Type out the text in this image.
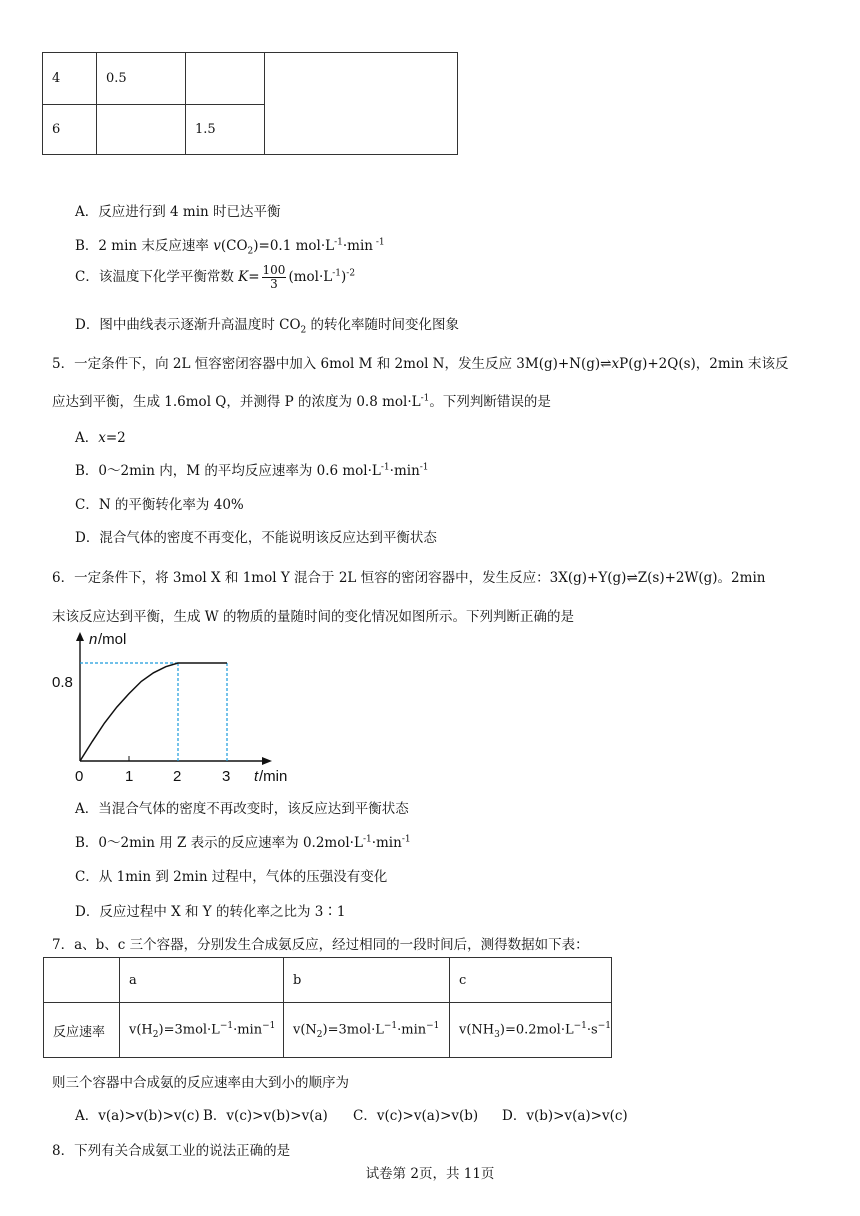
4	0.5		
6		1.5	
A．反应进行到 4 min 时已达平衡
B．2 min 末反应速率 $v(CO_2)=0.1$ $mol\cdot L^{-1}\cdot\min$ $^{-1}$
C．该温度下化学平衡常数 $K= \frac{100}{3} (mol\cdot L^{-1})^{-2}$
D．图中曲线表示逐渐升高温度时 $CO_2$ 的转化率随时间变化图象
5．一定条件下，向 2L 恒容密闭容器中加入 6mol M 和 2mol N，发生反应 3M(g)+N(g)⇌xP(g)+2Q(s)，2min 末该反
应达到平衡，生成 1.6mol Q，并测得 P 的浓度为 0.8 $mol\cdot L^{-1}$。下列判断错误的是
A．x=2
B．0～2min 内，M 的平均反应速率为 0.6 $mol\cdot L^{-1}\cdot\min^{-1}$
C．N 的平衡转化率为 40%
D．混合气体的密度不再变化，不能说明该反应达到平衡状态
6．一定条件下，将 3mol X 和 1mol Y 混合于 2L 恒容的密闭容器中，发生反应：3X(g)+Y(g)⇌Z(s)+2W(g)。2min
末该反应达到平衡，生成 W 的物质的量随时间的变化情况如图所示。下列判断正确的是
n /mol
0.8
0	1	2	3 t /min
A．当混合气体的密度不再改变时，该反应达到平衡状态
B．0～2min 用 Z 表示的反应速率为 $0.2mol\cdot L^{-1}\cdot\min^{-1}$
C．从 1min 到 2min 过程中，气体的压强没有变化
D．反应过程中 X 和 Y 的转化率之比为 3∶1
7．a、b、c 三个容器，分别发生合成氨反应，经过相同的一段时间后，测得数据如下表：
	a	b	c
反应速率	$v(H_2)=3mol\cdot L^{-1}\cdot\min^{-1}$	$v(N_2)=3mol\cdot L^{-1}\cdot\min^{-1}$	$v(NH_3)=0.2mol\cdot L^{-1}\cdot s^{-1}$
则三个容器中合成氨的反应速率由大到小的顺序为
A．v(a)>v(b)>v(c) B．v(c)>v(b)>v(a) C．v(c)>v(a)>v(b) D．v(b)>v(a)>v(c)
8．下列有关合成氨工业的说法正确的是
试卷第 2页，共 11页
